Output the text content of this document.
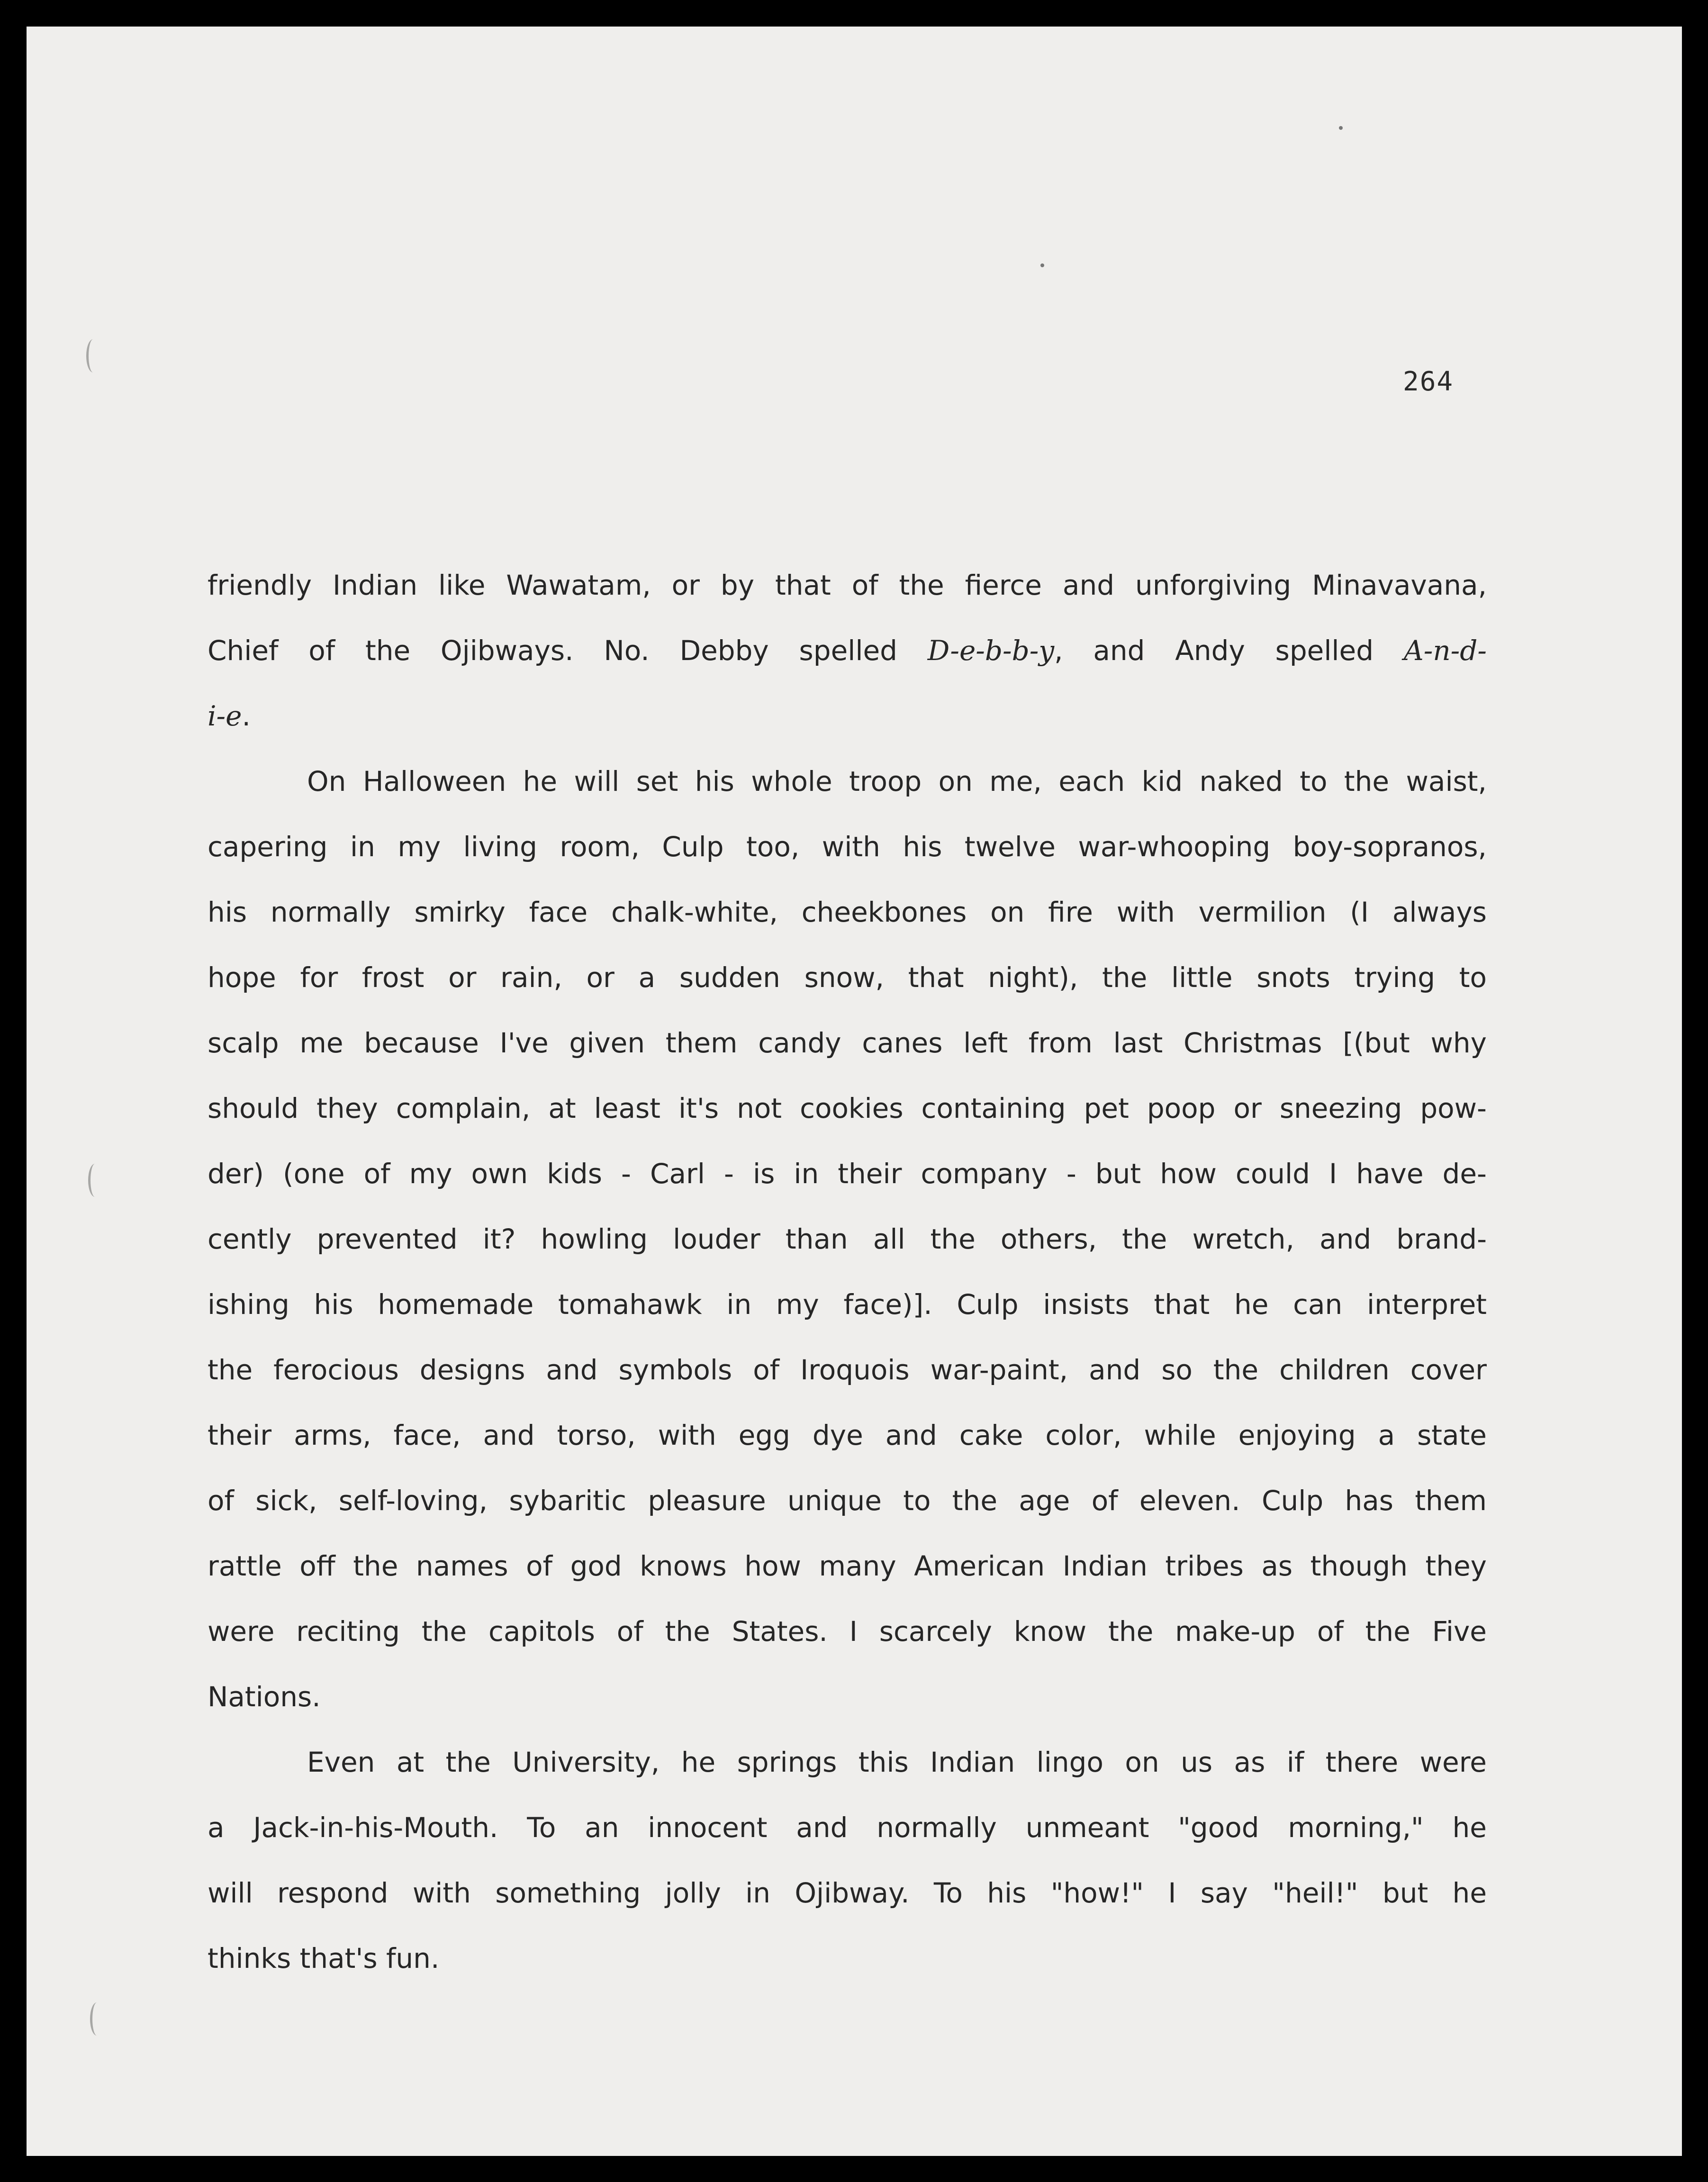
264
friendly Indian like Wawatam, or by that of the fierce and unforgiving Minavavana,
Chief of the Ojibways. No. Debby spelled D-e-b-b-y, and Andy spelled A-n-d-
i-e.
On Halloween he will set his whole troop on me, each kid naked to the waist,
capering in my living room, Culp too, with his twelve war-whooping boy-sopranos,
his normally smirky face chalk-white, cheekbones on fire with vermilion (I always
hope for frost or rain, or a sudden snow, that night), the little snots trying to
scalp me because I've given them candy canes left from last Christmas [(but why
should they complain, at least it's not cookies containing pet poop or sneezing pow-
der) (one of my own kids - Carl - is in their company - but how could I have de-
cently prevented it? howling louder than all the others, the wretch, and brand-
ishing his homemade tomahawk in my face)]. Culp insists that he can interpret
the ferocious designs and symbols of Iroquois war-paint, and so the children cover
their arms, face, and torso, with egg dye and cake color, while enjoying a state
of sick, self-loving, sybaritic pleasure unique to the age of eleven. Culp has them
rattle off the names of god knows how many American Indian tribes as though they
were reciting the capitols of the States. I scarcely know the make-up of the Five
Nations.
Even at the University, he springs this Indian lingo on us as if there were
a Jack-in-his-Mouth. To an innocent and normally unmeant "good morning," he
will respond with something jolly in Ojibway. To his "how!" I say "heil!" but he
thinks that's fun.
